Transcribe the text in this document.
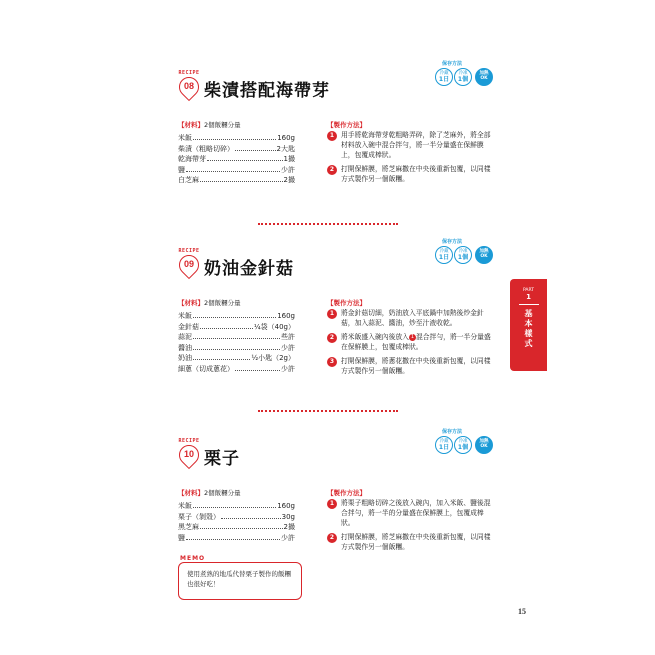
RECIPE
08 柴漬搭配海帶芽
保存方法
冷藏
1日
冷凍
1個
加熱OK
【材料】2個飯糰分量
米飯	160g
柴漬（粗略切碎）	2大匙
乾海帶芽	1撮
鹽	少許
白芝麻	2撮
【製作方法】
1	用手將乾海帶芽乾粗略弄碎，除了芝麻外，將全部材料放入碗中混合拌勻，將一半分量盛在保鮮膜上，包覆成棒狀。
2	打開保鮮膜，將芝麻撒在中央後重新包覆，以同樣方式製作另一個飯糰。
RECIPE
09 奶油金針菇
保存方法
冷藏
1日
冷凍
1個
加熱OK
【材料】2個飯糰分量
米飯	160g
金針菇	¼袋（40g）
蒜泥	些許
醬油	少許
奶油	½小匙（2g）
細蔥（切成蔥花）	少許
【製作方法】
1	將金針菇切細，奶油放入平底鍋中加熱後炒金針菇，加入蒜泥、醬油，炒至汁液收乾。
2	將米飯盛入碗內後放入 1 混合拌勻，將一半分量盛在保鮮膜上，包覆成棒狀。
3	打開保鮮膜，將蔥花撒在中央後重新包覆，以同樣方式製作另一個飯糰。
RECIPE
10 栗子
保存方法
冷藏
1日
冷凍
1個
加熱OK
【材料】2個飯糰分量
米飯	160g
栗子（剝殼）	30g
黑芝麻	2撮
鹽	少許
【製作方法】
1	將栗子粗略切碎之後放入碗內，加入米飯、鹽後混合拌勻，將一半的分量盛在保鮮膜上，包覆成棒狀。
2	打開保鮮膜，將芝麻撒在中央後重新包覆，以同樣方式製作另一個飯糰。
MEMO
使用煮熟的地瓜代替栗子製作的飯糰也很好吃！
PART
1
基本樣式
15
